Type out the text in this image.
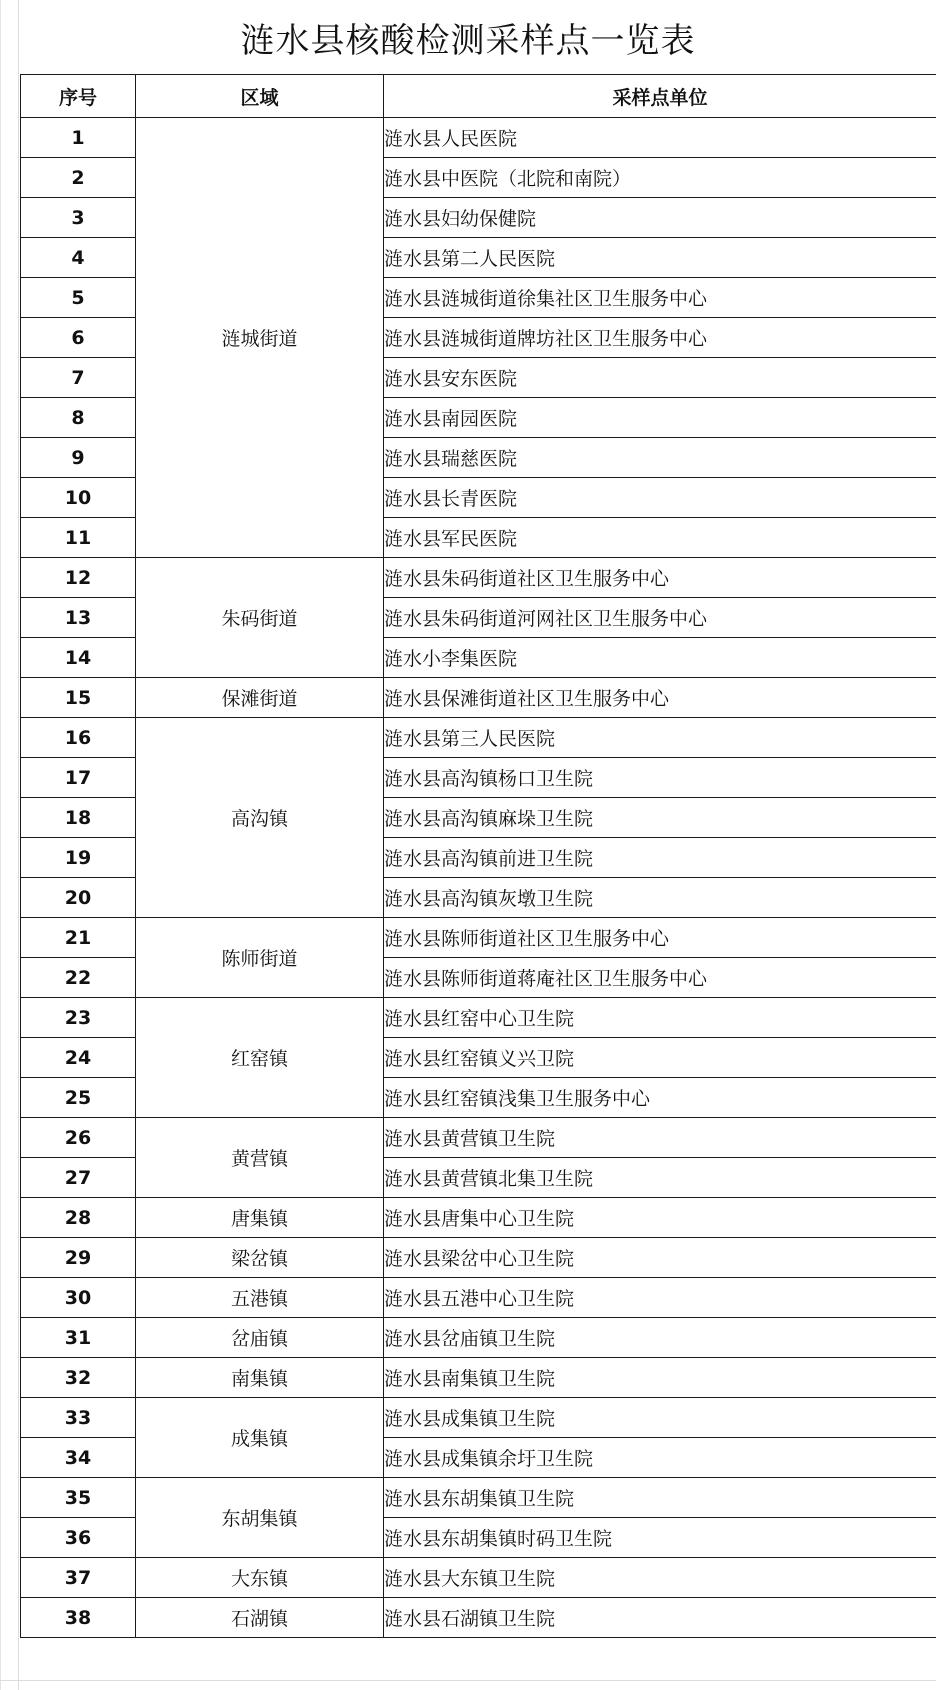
涟水县核酸检测采样点一览表
序号	区域	采样点单位
1	涟城街道	涟水县人民医院
2		涟水县中医院（北院和南院）
3		涟水县妇幼保健院
4		涟水县第二人民医院
5		涟水县涟城街道徐集社区卫生服务中心
6		涟水县涟城街道牌坊社区卫生服务中心
7		涟水县安东医院
8		涟水县南园医院
9		涟水县瑞慈医院
10		涟水县长青医院
11		涟水县军民医院
12	朱码街道	涟水县朱码街道社区卫生服务中心
13		涟水县朱码街道河网社区卫生服务中心
14		涟水小李集医院
15	保滩街道	涟水县保滩街道社区卫生服务中心
16	高沟镇	涟水县第三人民医院
17		涟水县高沟镇杨口卫生院
18		涟水县高沟镇麻垛卫生院
19		涟水县高沟镇前进卫生院
20		涟水县高沟镇灰墩卫生院
21	陈师街道	涟水县陈师街道社区卫生服务中心
22		涟水县陈师街道蒋庵社区卫生服务中心
23	红窑镇	涟水县红窑中心卫生院
24		涟水县红窑镇义兴卫院
25		涟水县红窑镇浅集卫生服务中心
26	黄营镇	涟水县黄营镇卫生院
27		涟水县黄营镇北集卫生院
28	唐集镇	涟水县唐集中心卫生院
29	梁岔镇	涟水县梁岔中心卫生院
30	五港镇	涟水县五港中心卫生院
31	岔庙镇	涟水县岔庙镇卫生院
32	南集镇	涟水县南集镇卫生院
33	成集镇	涟水县成集镇卫生院
34		涟水县成集镇余圩卫生院
35	东胡集镇	涟水县东胡集镇卫生院
36		涟水县东胡集镇时码卫生院
37	大东镇	涟水县大东镇卫生院
38	石湖镇	涟水县石湖镇卫生院
